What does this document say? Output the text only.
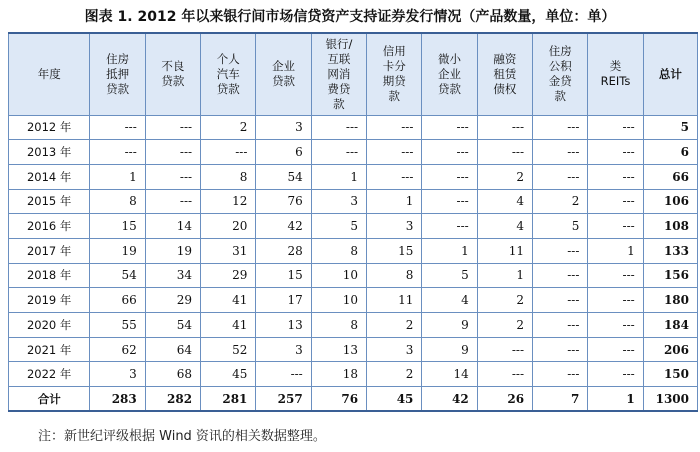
图表 1. 2012 年以来银行间市场信贷资产支持证券发行情况（产品数量，单位：单）
年度	住房
抵押
贷款	不良
贷款	个人
汽车
贷款	企业
贷款	银行/
互联
网消
费贷
款	信用
卡分
期贷
款	微小
企业
贷款	融资
租赁
债权	住房
公积
金贷
款	类
REITs	总计
2012 年	---	---	2	3	---	---	---	---	---	---	5
2013 年	---	---	---	6	---	---	---	---	---	---	6
2014 年	1	---	8	54	1	---	---	2	---	---	66
2015 年	8	---	12	76	3	1	---	4	2	---	106
2016 年	15	14	20	42	5	3	---	4	5	---	108
2017 年	19	19	31	28	8	15	1	11	---	1	133
2018 年	54	34	29	15	10	8	5	1	---	---	156
2019 年	66	29	41	17	10	11	4	2	---	---	180
2020 年	55	54	41	13	8	2	9	2	---	---	184
2021 年	62	64	52	3	13	3	9	---	---	---	206
2022 年	3	68	45	---	18	2	14	---	---	---	150
合计	283	282	281	257	76	45	42	26	7	1	1300
注：新世纪评级根据 Wind 资讯的相关数据整理。
